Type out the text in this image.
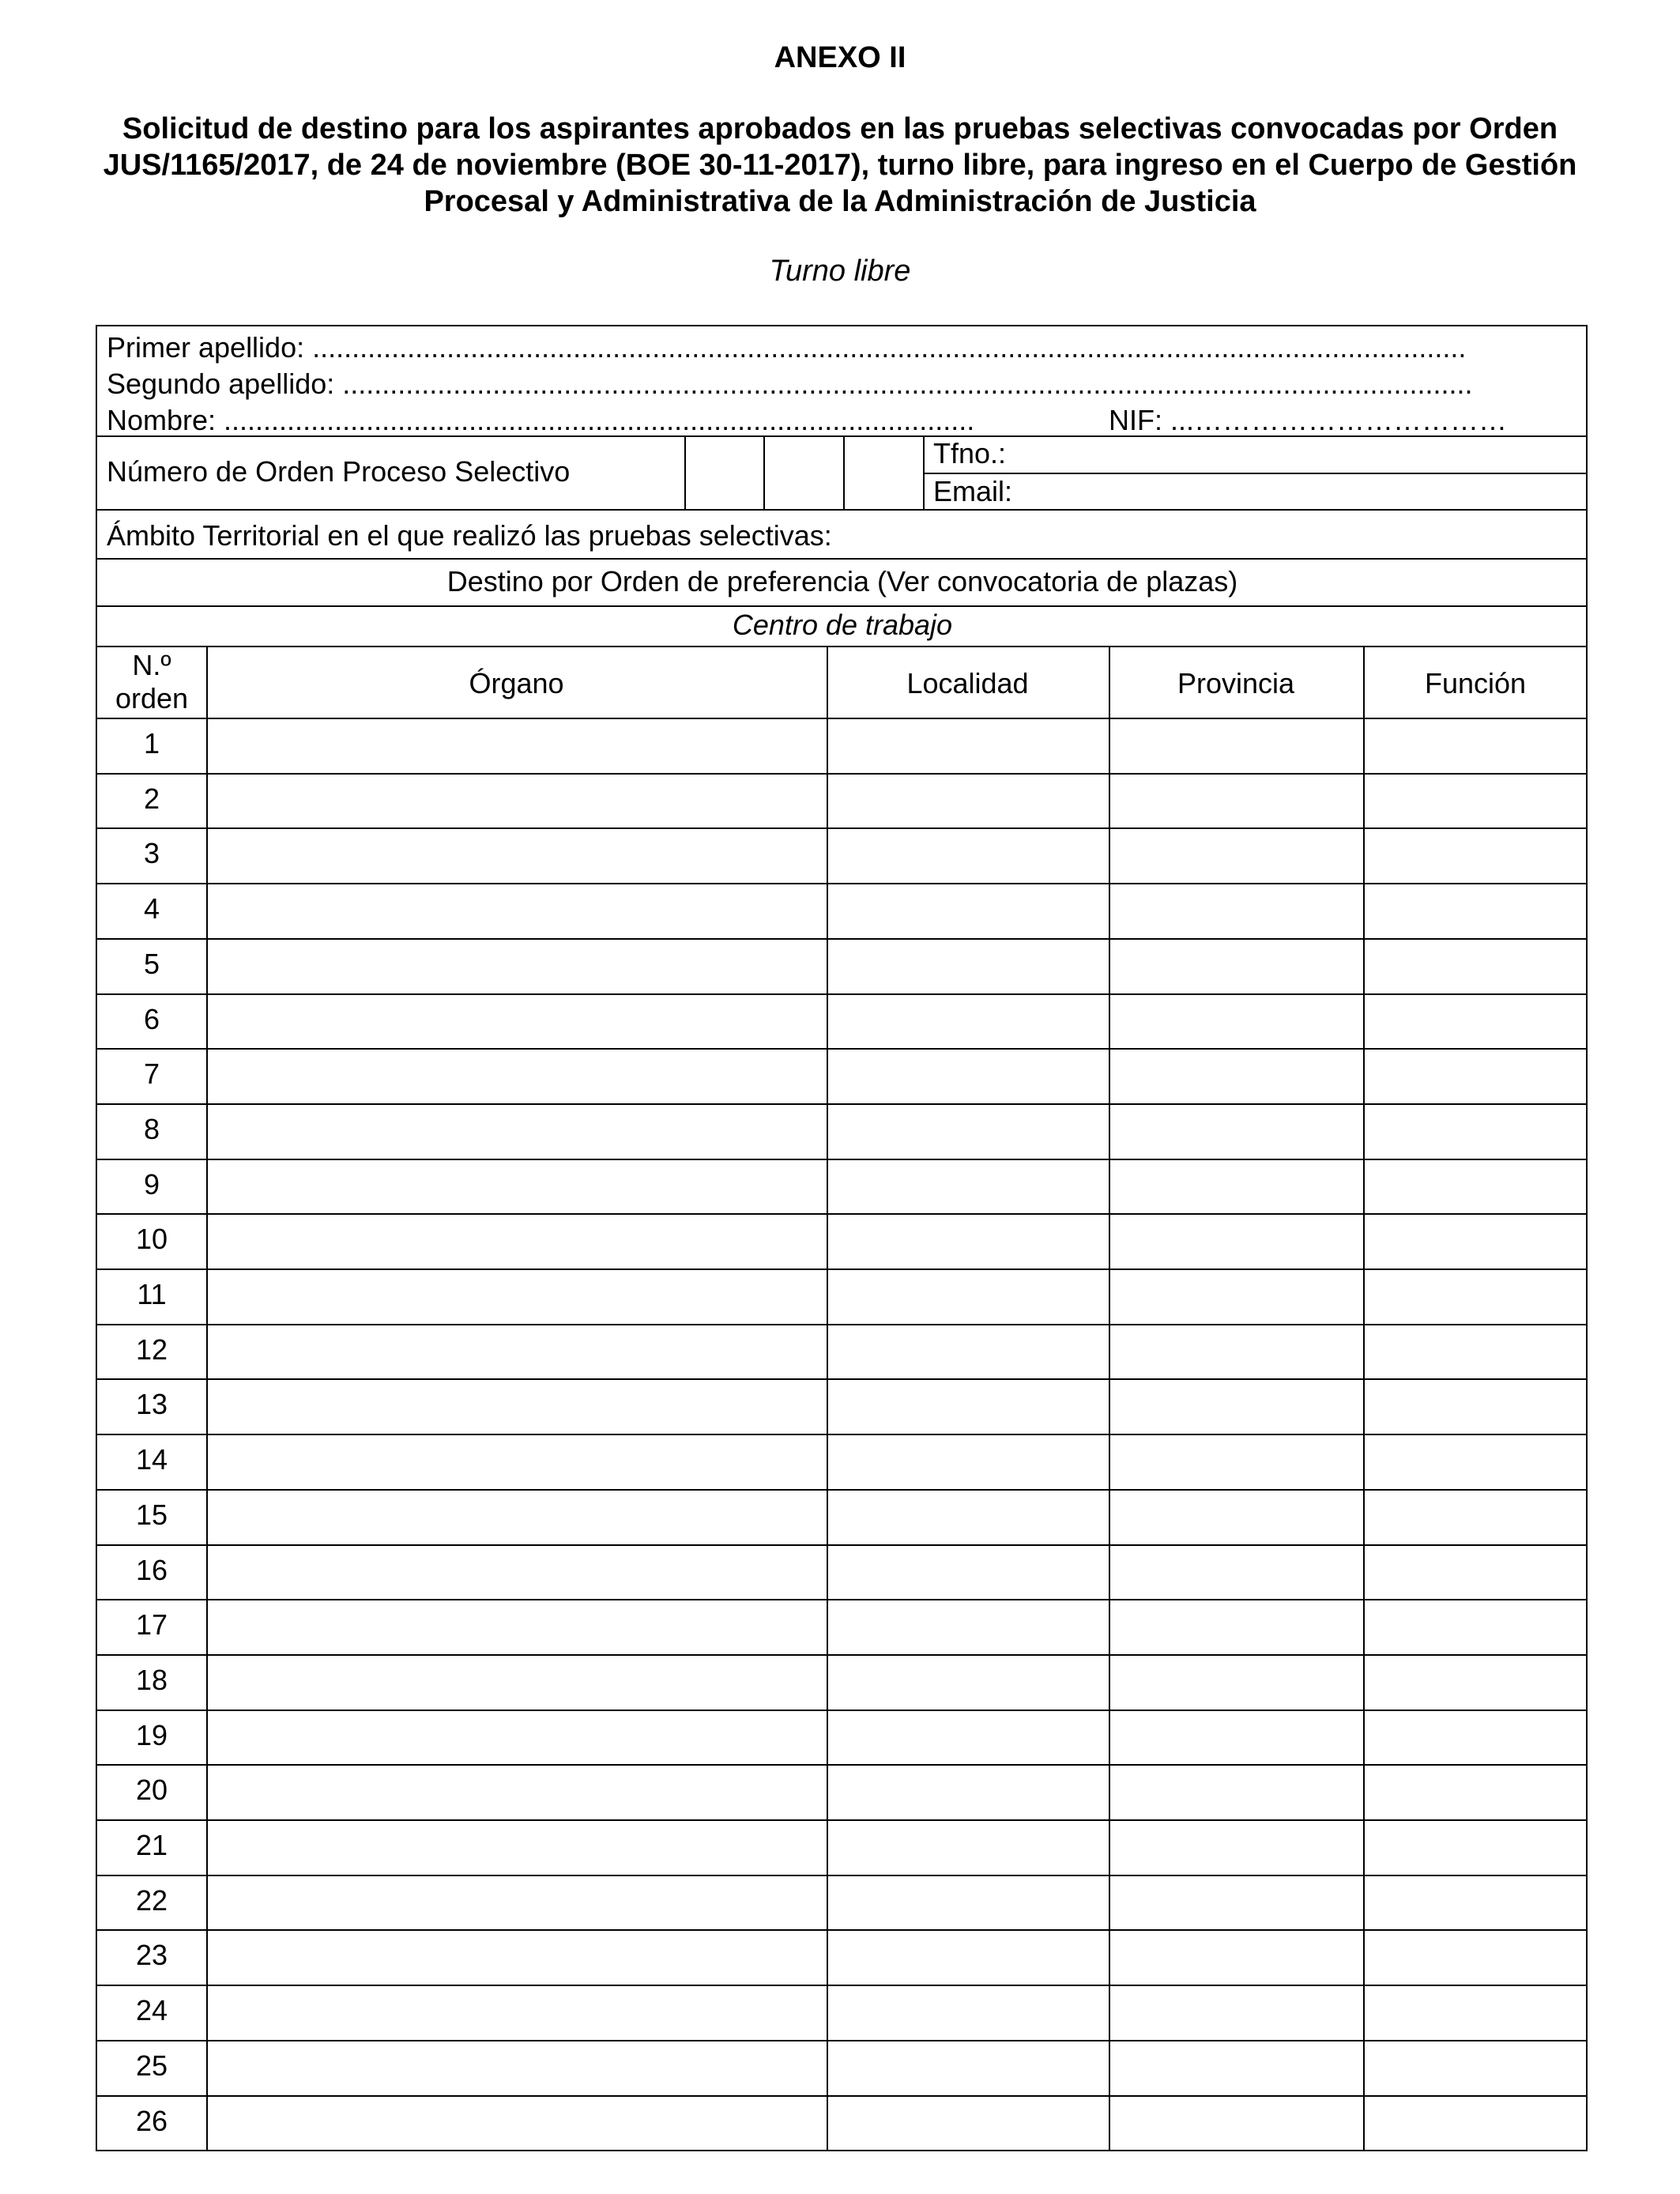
ANEXO II
Solicitud de destino para los aspirantes aprobados en las pruebas selectivas convocadas por Orden JUS/1165/2017, de 24 de noviembre (BOE 30-11-2017), turno libre, para ingreso en el Cuerpo de Gestión Procesal y Administrativa de la Administración de Justicia
Turno libre
Primer apellido: ..................................................................................................................................................
Segundo apellido: ...............................................................................................................................................
Nombre: ...............................................................................................	NIF: ...……………………………
Número de Orden Proceso Selectivo
Tfno.:
Email:
Ámbito Territorial en el que realizó las pruebas selectivas:
Destino por Orden de preferencia (Ver convocatoria de plazas)
Centro de trabajo
N.º
orden	Órgano	Localidad	Provincia	Función
1
2
3
4
5
6
7
8
9
10
11
12
13
14
15
16
17
18
19
20
21
22
23
24
25
26
